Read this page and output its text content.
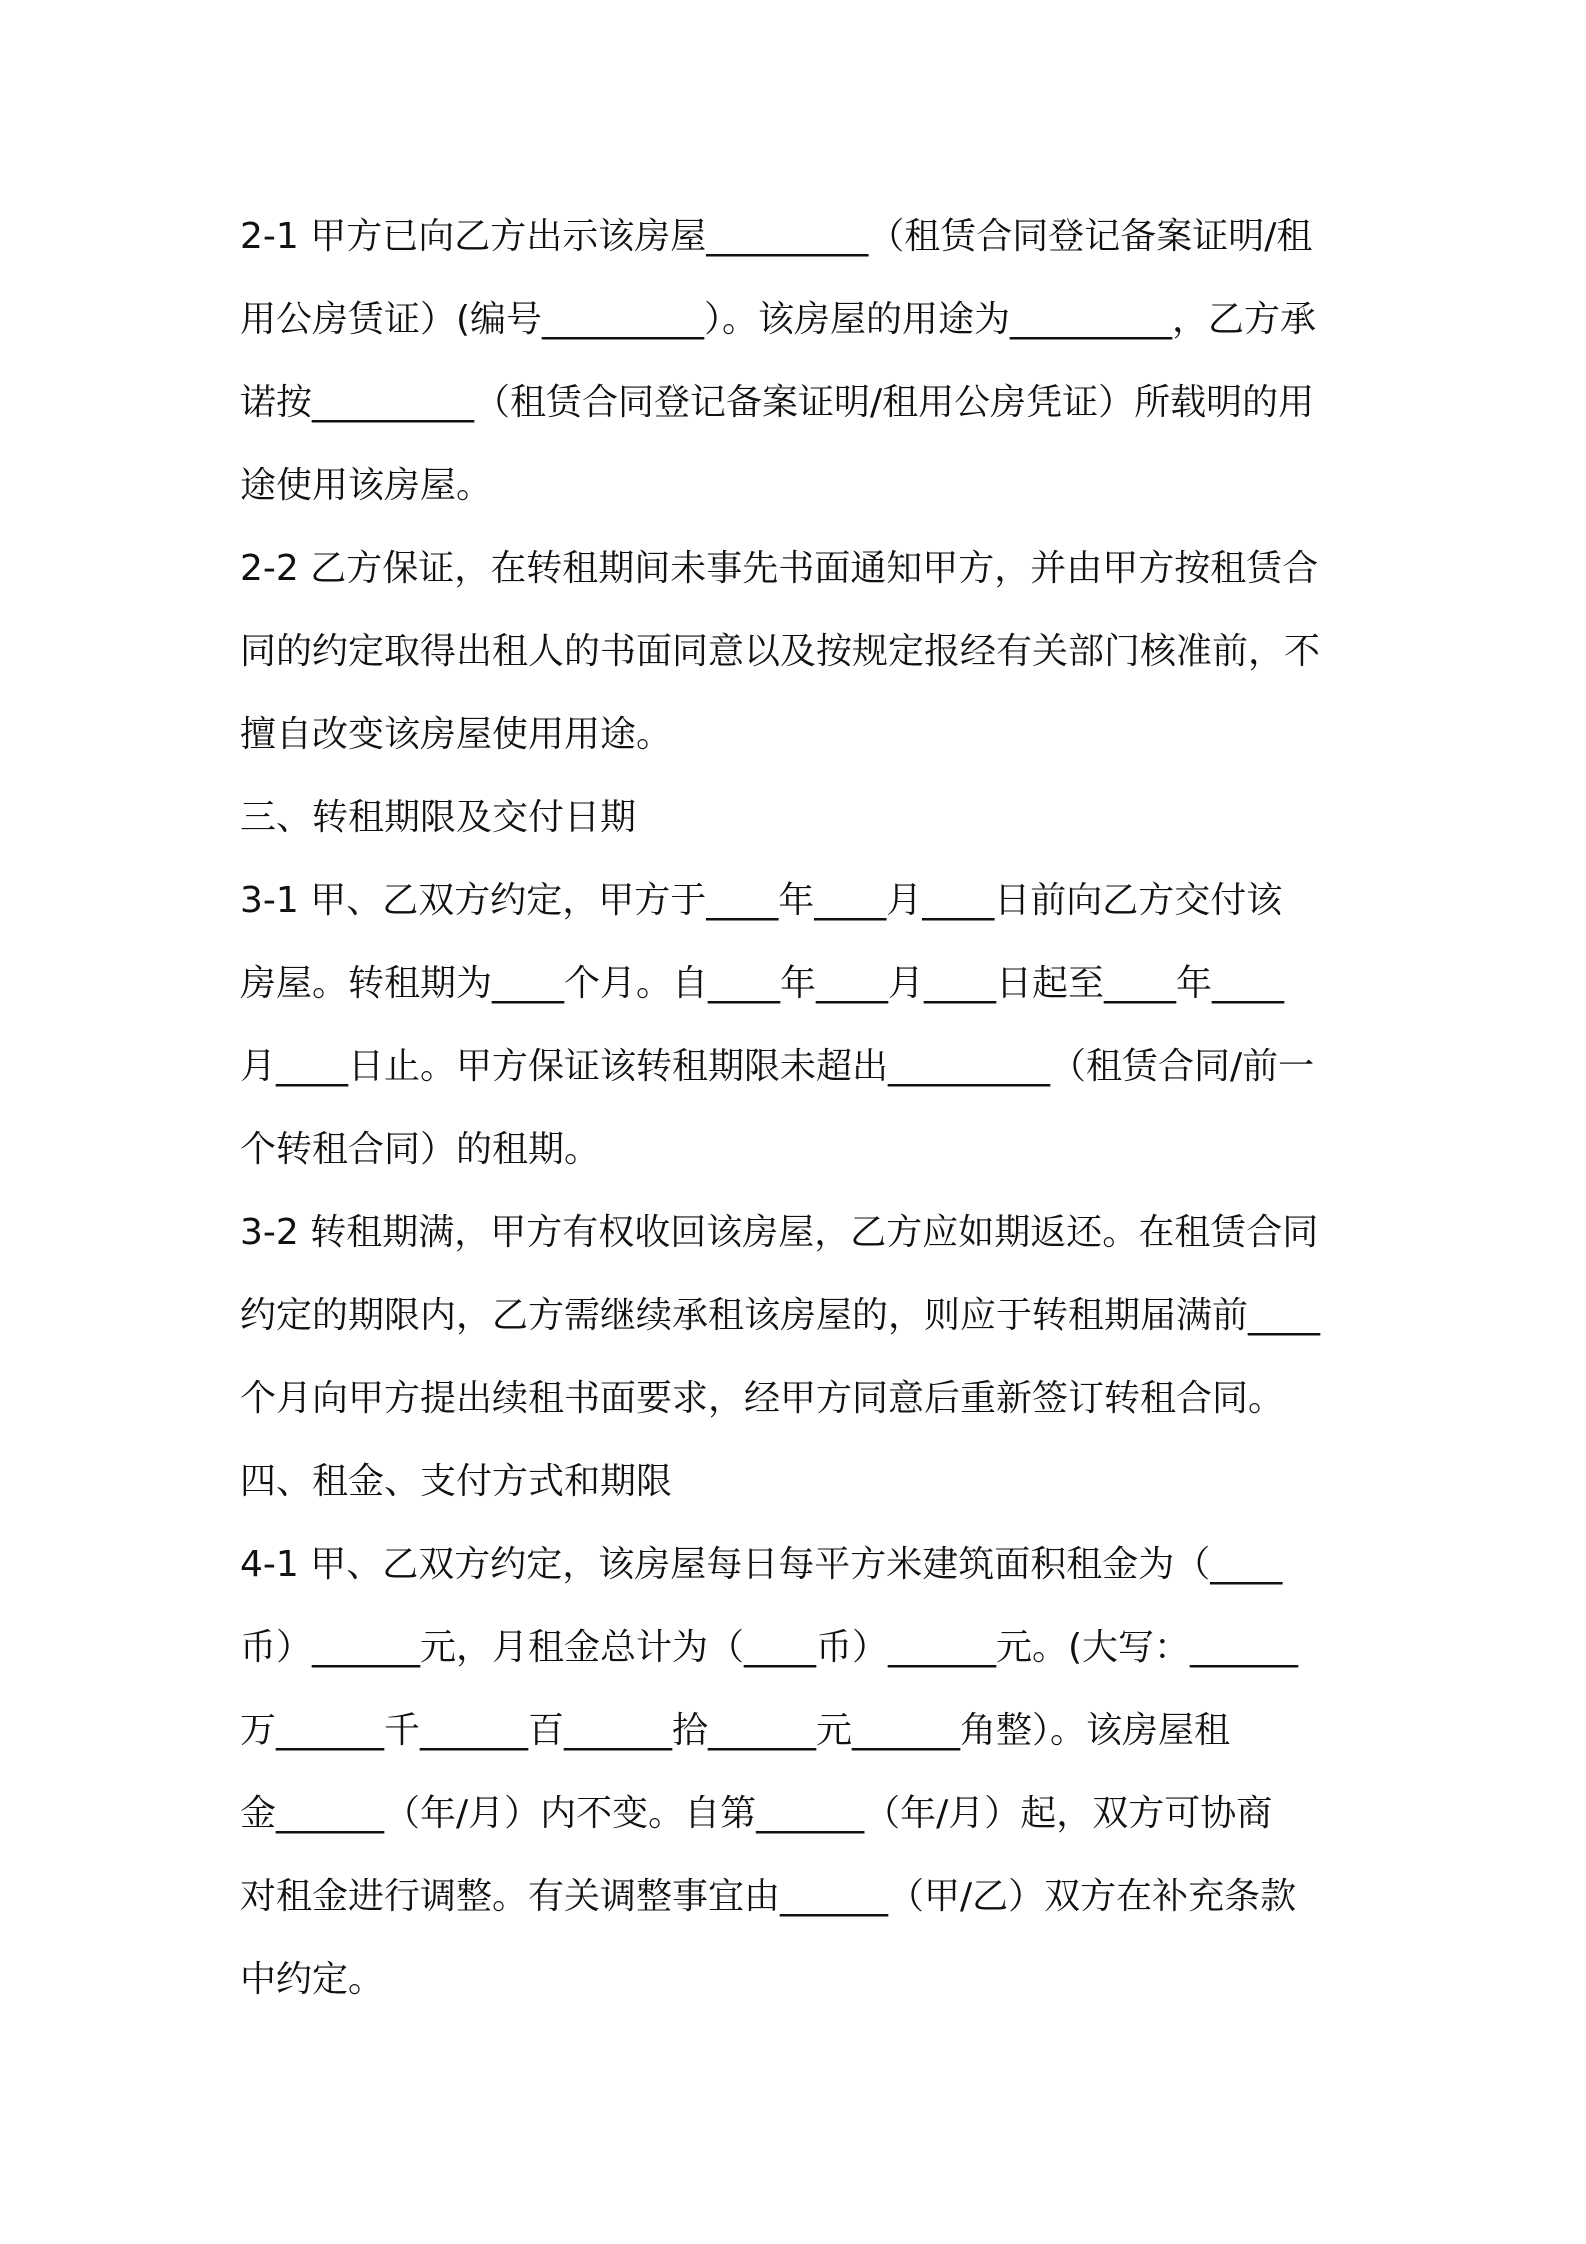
2-1 甲方已向乙方出示该房屋_________（租赁合同登记备案证明/租
用公房赁证）(编号_________）。该房屋的用途为_________，乙方承
诺按_________（租赁合同登记备案证明/租用公房凭证）所载明的用
途使用该房屋。
2-2 乙方保证，在转租期间未事先书面通知甲方，并由甲方按租赁合
同的约定取得出租人的书面同意以及按规定报经有关部门核准前，不
擅自改变该房屋使用用途。
三、转租期限及交付日期
3-1 甲、乙双方约定，甲方于____年____月____日前向乙方交付该
房屋。转租期为____个月。自____年____月____日起至____年____
月____日止。甲方保证该转租期限未超出_________（租赁合同/前一
个转租合同）的租期。
3-2 转租期满，甲方有权收回该房屋，乙方应如期返还。在租赁合同
约定的期限内，乙方需继续承租该房屋的，则应于转租期届满前____
个月向甲方提出续租书面要求，经甲方同意后重新签订转租合同。
四、租金、支付方式和期限
4-1 甲、乙双方约定，该房屋每日每平方米建筑面积租金为（____
币）______元，月租金总计为（____币）______元。(大写：______
万______千______百______拾______元______角整）。该房屋租
金______（年/月）内不变。自第______（年/月）起，双方可协商
对租金进行调整。有关调整事宜由______（甲/乙）双方在补充条款
中约定。
